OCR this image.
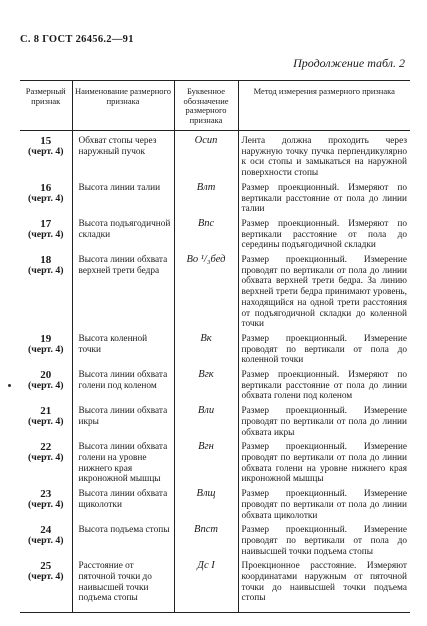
С. 8 ГОСТ 26456.2—91
Продолжение табл. 2
Размерный признак	Наименование размерного признака	Буквенное обозначение размерного признака	Метод измерения размерного признака

15
(черт. 4)	Обхват стопы через наружный пучок	Осип	Лента должна проходить через наружную точку пучка перпендикулярно к оси стопы и замыкаться на наружной поверхности стопы

16
(черт. 4)	Высота линии талии	Влт	Размер проекционный. Измеряют по вертикали расстояние от пола до линии талии

17
(черт. 4)	Высота подъягодичной складки	Впс	Размер проекционный. Измеряют по вертикали расстояние от пола до середины подъягодичной складки

18
(черт. 4)	Высота линии обхвата верхней трети бедра	Во ¹/₃бед	Размер проекционный. Измерение проводят по вертикали от пола до линии обхвата верхней трети бедра. За линию верхней трети бедра принимают уровень, находящийся на одной трети расстояния от подъягодичной складки до коленной точки

19
(черт. 4)	Высота коленной точки	Вк	Размер проекционный. Измерение проводят по вертикали от пола до коленной точки

20
(черт. 4)	Высота линии обхвата голени под коленом	Вгк	Размер проекционный. Измеряют по вертикали расстояние от пола до линии обхвата голени под коленом

21
(черт. 4)	Высота линии обхвата икры	Вли	Размер проекционный. Измерение проводят по вертикали от пола до линии обхвата икры

22
(черт. 4)	Высота линии обхвата голени на уровне нижнего края икроножной мышцы	Вгн	Размер проекционный. Измерение проводят по вертикали от пола до линии обхвата голени на уровне нижнего края икроножной мышцы

23
(черт. 4)	Высота линии обхвата щиколотки	Влщ	Размер проекционный. Измерение проводят по вертикали от пола до линии обхвата щиколотки

24
(черт. 4)	Высота подъема стопы	Впст	Размер проекционный. Измерение проводят по вертикали от пола до наивысшей точки подъема стопы

25
(черт. 4)	Расстояние от пяточной точки до наивысшей точки подъема стопы	Дс I	Проекционное расстояние. Измеряют координатами наружным от пяточной точки до наивысшей точки подъема стопы
